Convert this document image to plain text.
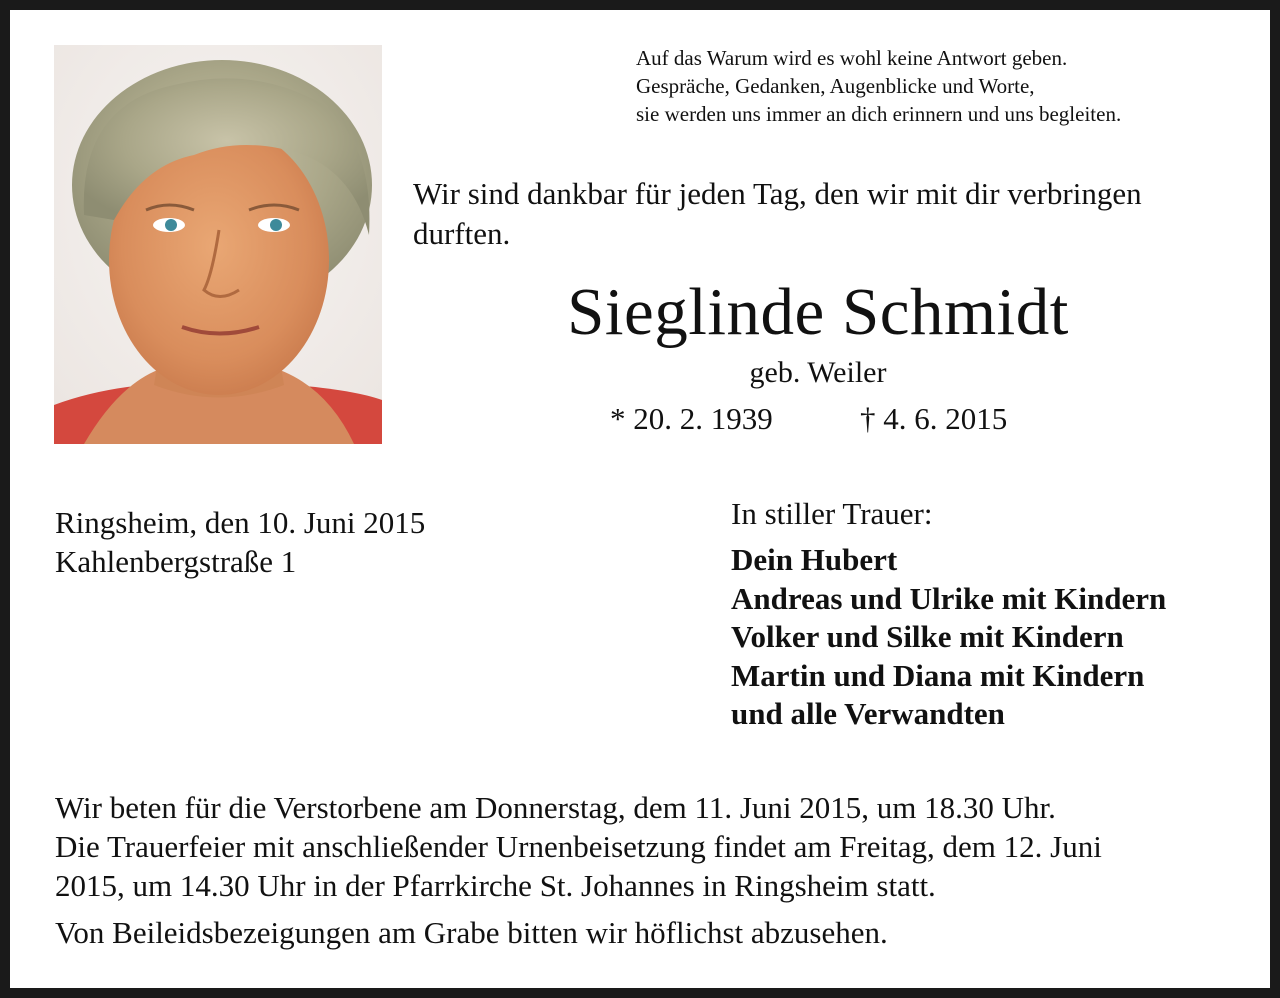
Auf das Warum wird es wohl keine Antwort geben.
Gespräche, Gedanken, Augenblicke und Worte,
sie werden uns immer an dich erinnern und uns begleiten.
Wir sind dankbar für jeden Tag, den wir mit dir verbringen durften.
Sieglinde Schmidt
geb. Weiler
* 20. 2. 1939	† 4. 6. 2015
Ringsheim, den 10. Juni 2015
Kahlenbergstraße 1
In stiller Trauer:
Dein Hubert
Andreas und Ulrike mit Kindern
Volker und Silke mit Kindern
Martin und Diana mit Kindern
und alle Verwandten
Wir beten für die Verstorbene am Donnerstag, dem 11. Juni 2015, um 18.30 Uhr.
Die Trauerfeier mit anschließender Urnenbeisetzung findet am Freitag, dem 12. Juni
2015, um 14.30 Uhr in der Pfarrkirche St. Johannes in Ringsheim statt.
Von Beileidsbezeigungen am Grabe bitten wir höflichst abzusehen.
